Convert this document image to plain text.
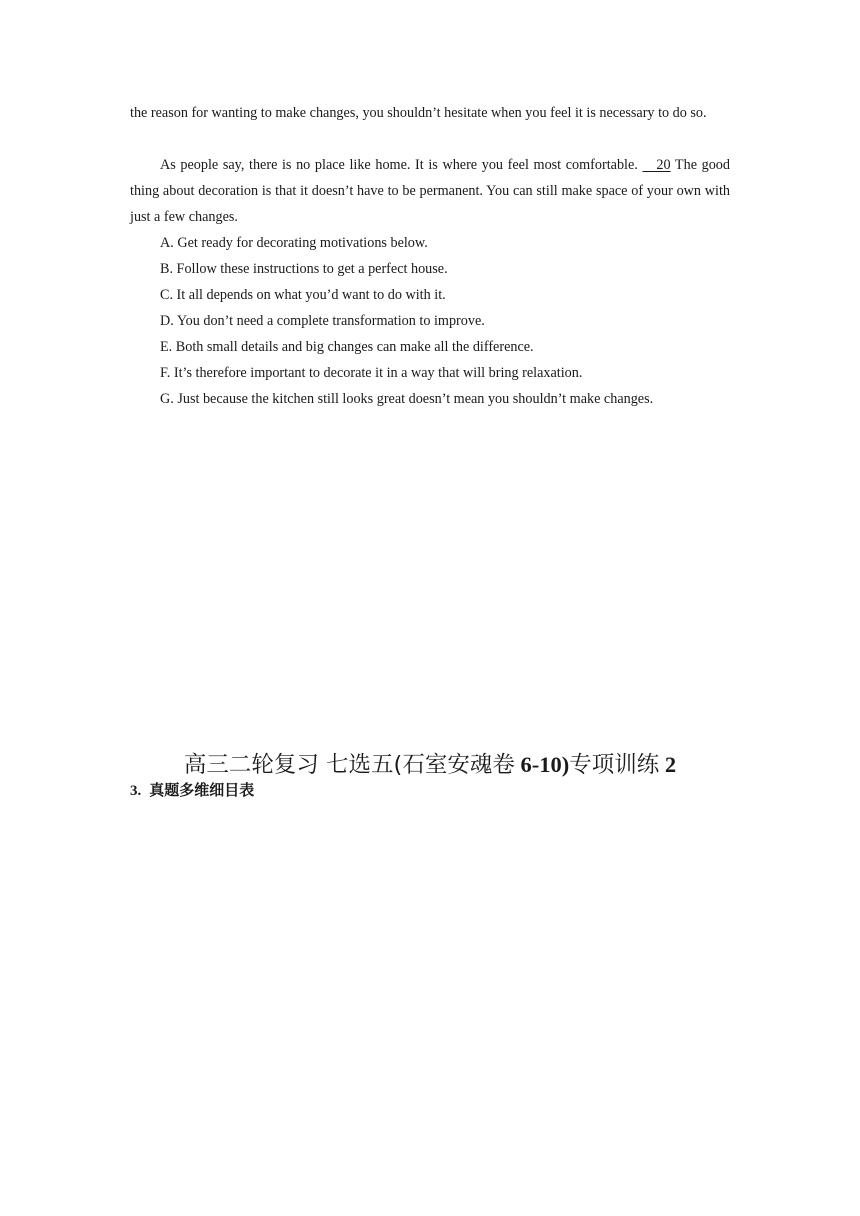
the reason for wanting to make changes, you shouldn’t hesitate when you feel it is necessary to do so.

As people say, there is no place like home. It is where you feel most comfortable.    20 The good thing about decoration is that it doesn’t have to be permanent. You can still make space of your own with just a few changes.

A. Get ready for decorating motivations below.
B. Follow these instructions to get a perfect house.
C. It all depends on what you’d want to do with it.
D. You don’t need a complete transformation to improve.
E. Both small details and big changes can make all the difference.
F. It’s therefore important to decorate it in a way that will bring relaxation.
G. Just because the kitchen still looks great doesn’t mean you shouldn’t make changes.
高三二轮复习 七选五(石室安魂卷 6-10)专项训练 2
3. 真题多维细目表
